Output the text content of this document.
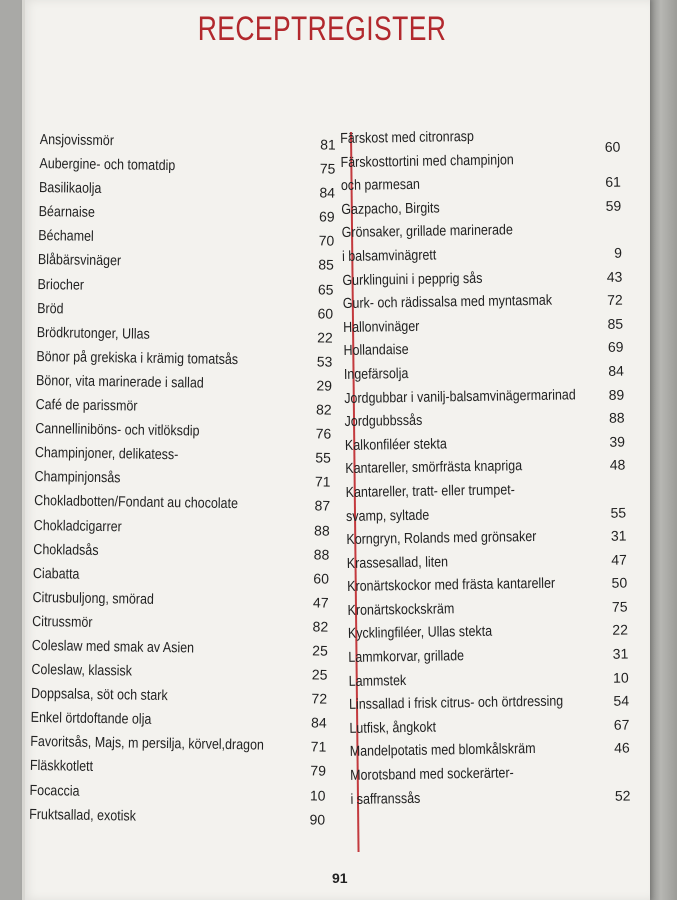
RECEPTREGISTER
Ansjovissmör	81
Aubergine- och tomatdip	75
Basilikaolja	84
Béarnaise	69
Béchamel	70
Blåbärsvinäger	85
Briocher	65
Bröd	60
Brödkrutonger, Ullas	22
Bönor på grekiska i krämig tomatsås	53
Bönor, vita marinerade i sallad	29
Café de parissmör	82
Cannelliniböns- och vitlöksdip	76
Champinjoner, delikatess-	55
Champinjonsås	71
Chokladbotten/Fondant au chocolate	87
Chokladcigarrer	88
Chokladsås	88
Ciabatta	60
Citrusbuljong, smörad	47
Citrussmör	82
Coleslaw med smak av Asien	25
Coleslaw, klassisk	25
Doppsalsa, söt och stark	72
Enkel örtdoftande olja	84
Favoritsås, Majs, m persilja, körvel,dragon	71
Fläskkotlett	79
Focaccia	10
Fruktsallad, exotisk	90
Färskost med citronrasp	60
Färskosttortini med champinjon
och parmesan	61
Gazpacho, Birgits	59
Grönsaker, grillade marinerade
i balsamvinägrett	9
Gurklinguini i pepprig sås	43
Gurk- och rädissalsa med myntasmak	72
Hallonvinäger	85
Hollandaise	69
Ingefärsolja	84
Jordgubbar i vanilj-balsamvinägermarinad 89
Jordgubbssås	88
Kalkonfiléer stekta	39
Kantareller, smörfrästa knapriga	48
Kantareller, tratt- eller trumpet-
svamp, syltade	55
Korngryn, Rolands med grönsaker	31
Krassesallad, liten	47
Kronärtskockor med frästa kantareller	50
Kronärtskockskräm	75
Kycklingfiléer, Ullas stekta	22
Lammkorvar, grillade	31
Lammstek	10
Linssallad i frisk citrus- och örtdressing	54
Lutfisk, ångkokt	67
Mandelpotatis med blomkålskräm	46
Morotsband med sockerärter-
i saffranssås	52
91
